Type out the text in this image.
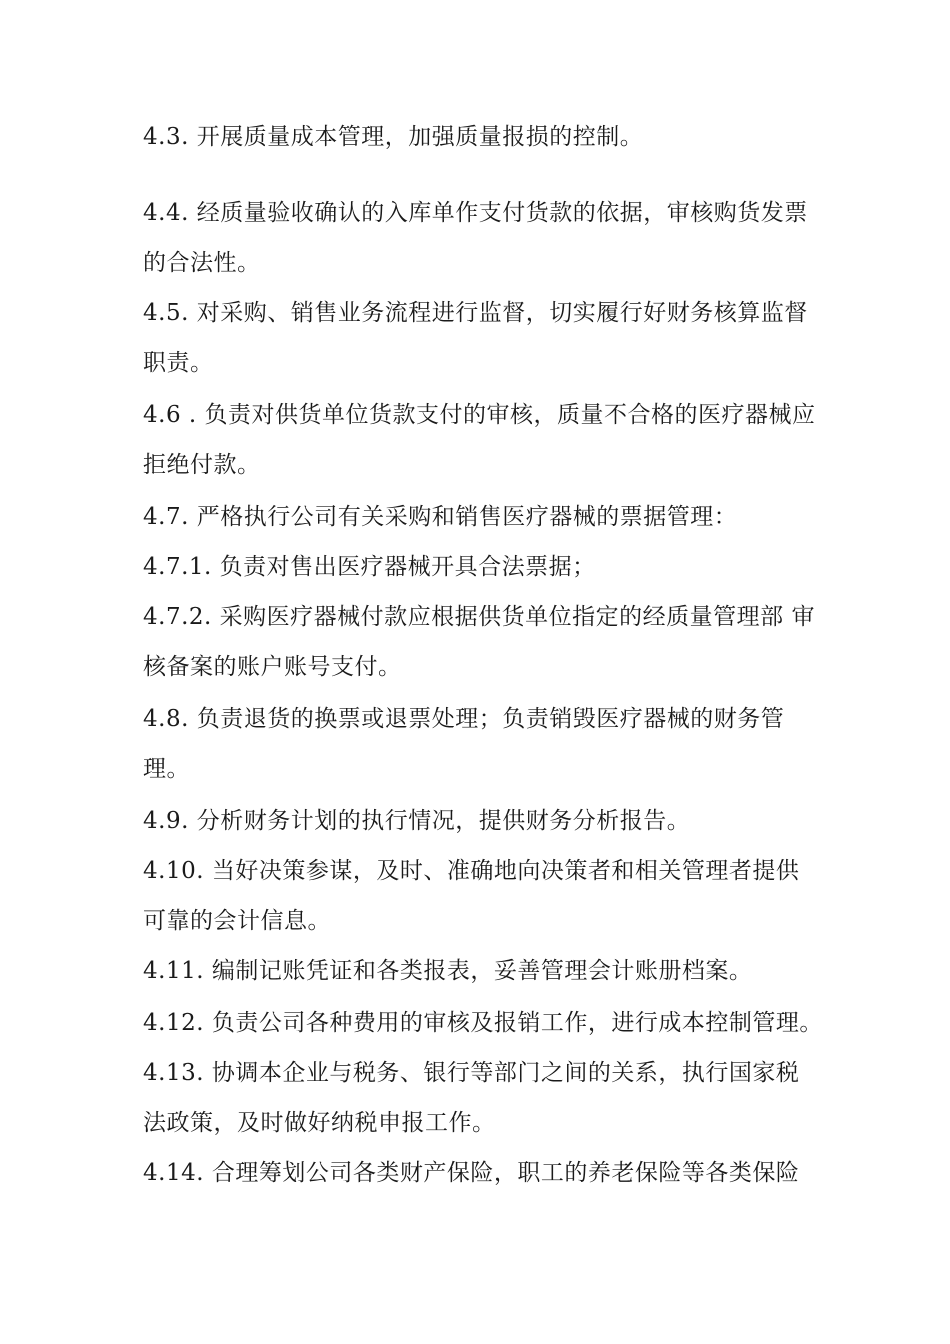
4.3. 开展质量成本管理，加强质量报损的控制。
4.4. 经质量验收确认的入库单作支付货款的依据，审核购货发票
的合法性。
4.5. 对采购、销售业务流程进行监督，切实履行好财务核算监督
职责。
4.6 . 负责对供货单位货款支付的审核，质量不合格的医疗器械应
拒绝付款。
4.7. 严格执行公司有关采购和销售医疗器械的票据管理：
4.7.1. 负责对售出医疗器械开具合法票据；
4.7.2. 采购医疗器械付款应根据供货单位指定的经质量管理部 审
核备案的账户账号支付。
4.8. 负责退货的换票或退票处理；负责销毁医疗器械的财务管
理。
4.9. 分析财务计划的执行情况，提供财务分析报告。
4.10. 当好决策参谋，及时、准确地向决策者和相关管理者提供
可靠的会计信息。
4.11. 编制记账凭证和各类报表，妥善管理会计账册档案。
4.12. 负责公司各种费用的审核及报销工作，进行成本控制管理。
4.13. 协调本企业与税务、银行等部门之间的关系，执行国家税
法政策，及时做好纳税申报工作。
4.14. 合理筹划公司各类财产保险，职工的养老保险等各类保险
